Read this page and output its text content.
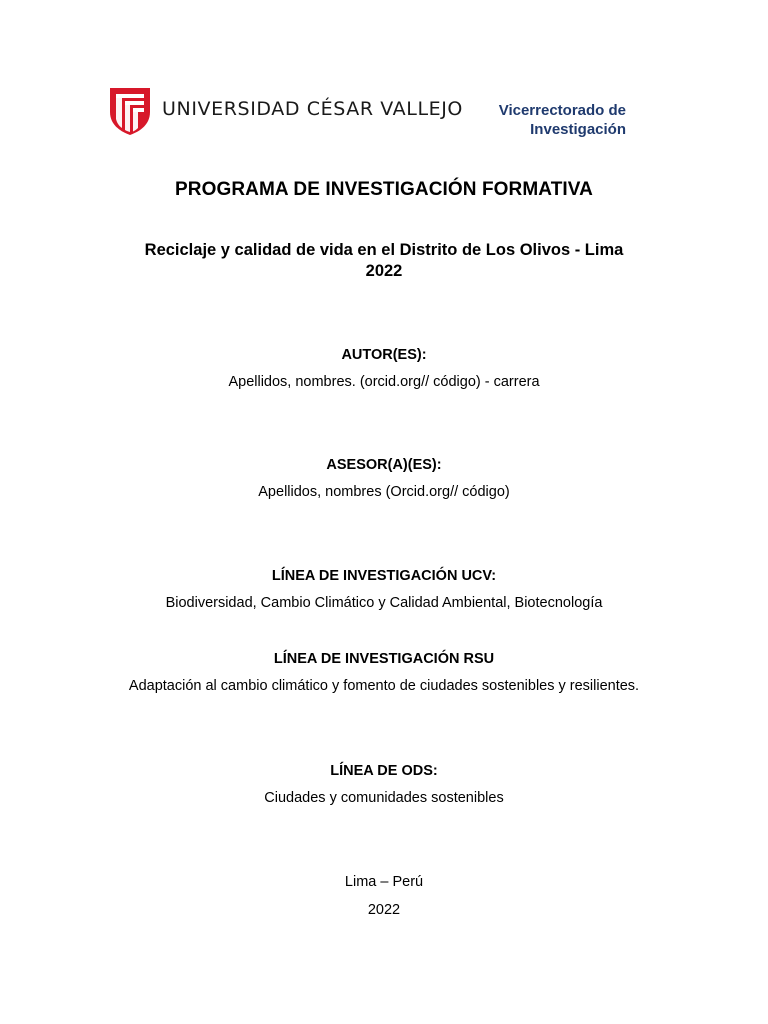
UNIVERSIDAD CÉSAR VALLEJO Vicerrectorado de
Investigación
PROGRAMA DE INVESTIGACIÓN FORMATIVA
Reciclaje y calidad de vida en el Distrito de Los Olivos - Lima
2022
AUTOR(ES):
Apellidos, nombres. (orcid.org// código) - carrera
ASESOR(A)(ES):
Apellidos, nombres (Orcid.org// código)
LÍNEA DE INVESTIGACIÓN UCV:
Biodiversidad, Cambio Climático y Calidad Ambiental, Biotecnología
LÍNEA DE INVESTIGACIÓN RSU
Adaptación al cambio climático y fomento de ciudades sostenibles y resilientes.
LÍNEA DE ODS:
Ciudades y comunidades sostenibles
Lima – Perú
2022
